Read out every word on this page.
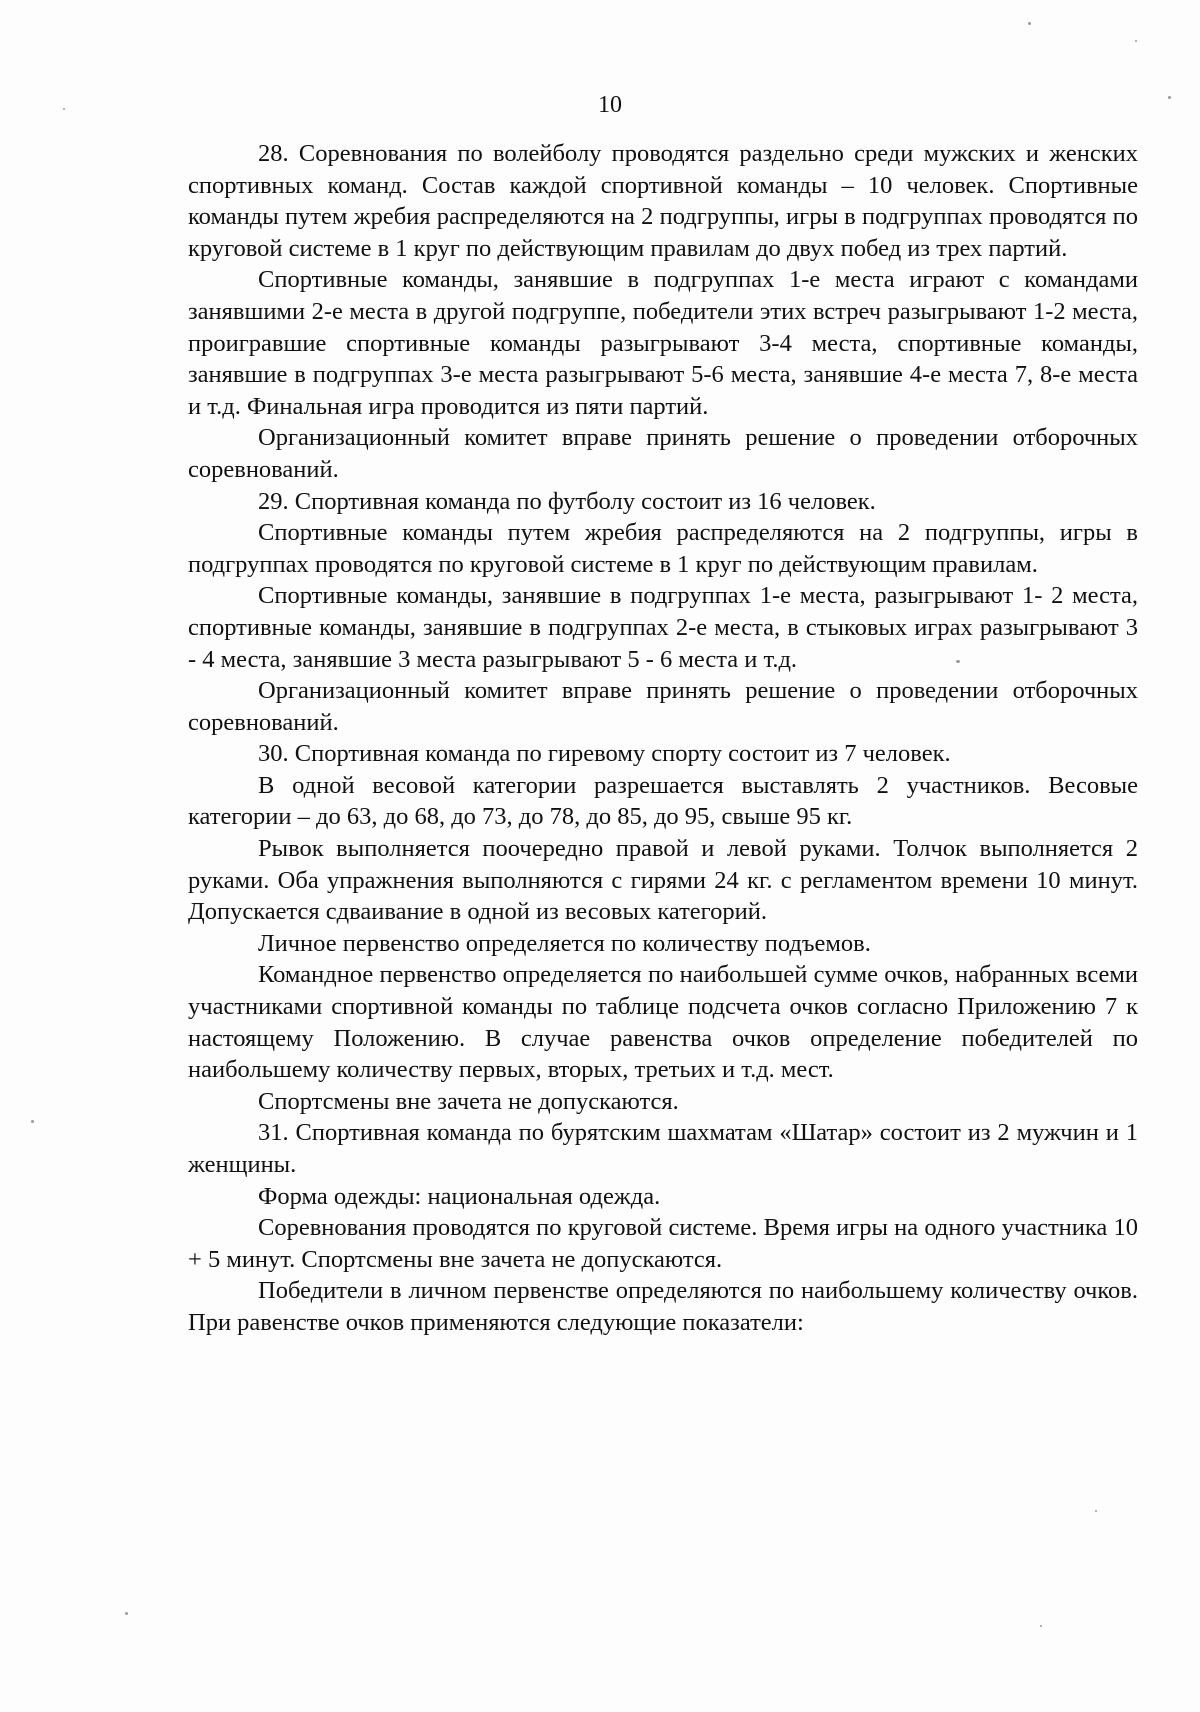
10

28. Соревнования по волейболу проводятся раздельно среди мужских и женских спортивных команд. Состав каждой спортивной команды – 10 человек. Спортивные команды путем жребия распределяются на 2 подгруппы, игры в подгруппах проводятся по круговой системе в 1 круг по действующим правилам до двух побед из трех партий.

Спортивные команды, занявшие в подгруппах 1-е места играют с командами занявшими 2-е места в другой подгруппе, победители этих встреч разыгрывают 1-2 места, проигравшие спортивные команды разыгрывают 3-4 места, спортивные команды, занявшие в подгруппах 3-е места разыгрывают 5-6 места, занявшие 4-е места 7, 8-е места и т.д. Финальная игра проводится из пяти партий.

Организационный комитет вправе принять решение о проведении отборочных соревнований.

29. Спортивная команда по футболу состоит из 16 человек.

Спортивные команды путем жребия распределяются на 2 подгруппы, игры в подгруппах проводятся по круговой системе в 1 круг по действующим правилам.

Спортивные команды, занявшие в подгруппах 1-е места, разыгрывают 1- 2 места, спортивные команды, занявшие в подгруппах 2-е места, в стыковых играх разыгрывают 3 - 4 места, занявшие 3 места разыгрывают 5 - 6 места и т.д.

Организационный комитет вправе принять решение о проведении отборочных соревнований.

30. Спортивная команда по гиревому спорту состоит из 7 человек.

В одной весовой категории разрешается выставлять 2 участников. Весовые категории – до 63, до 68, до 73, до 78, до 85, до 95, свыше 95 кг.

Рывок выполняется поочередно правой и левой руками. Толчок выполняется 2 руками. Оба упражнения выполняются с гирями 24 кг. с регламентом времени 10 минут. Допускается сдваивание в одной из весовых категорий.

Личное первенство определяется по количеству подъемов.

Командное первенство определяется по наибольшей сумме очков, набранных всеми участниками спортивной команды по таблице подсчета очков согласно Приложению 7 к настоящему Положению. В случае равенства очков определение победителей по наибольшему количеству первых, вторых, третьих и т.д. мест.

Спортсмены вне зачета не допускаются.

31. Спортивная команда по бурятским шахматам «Шатар» состоит из 2 мужчин и 1 женщины.

Форма одежды: национальная одежда.

Соревнования проводятся по круговой системе. Время игры на одного участника 10 + 5 минут. Спортсмены вне зачета не допускаются.

Победители в личном первенстве определяются по наибольшему количеству очков. При равенстве очков применяются следующие показатели:
